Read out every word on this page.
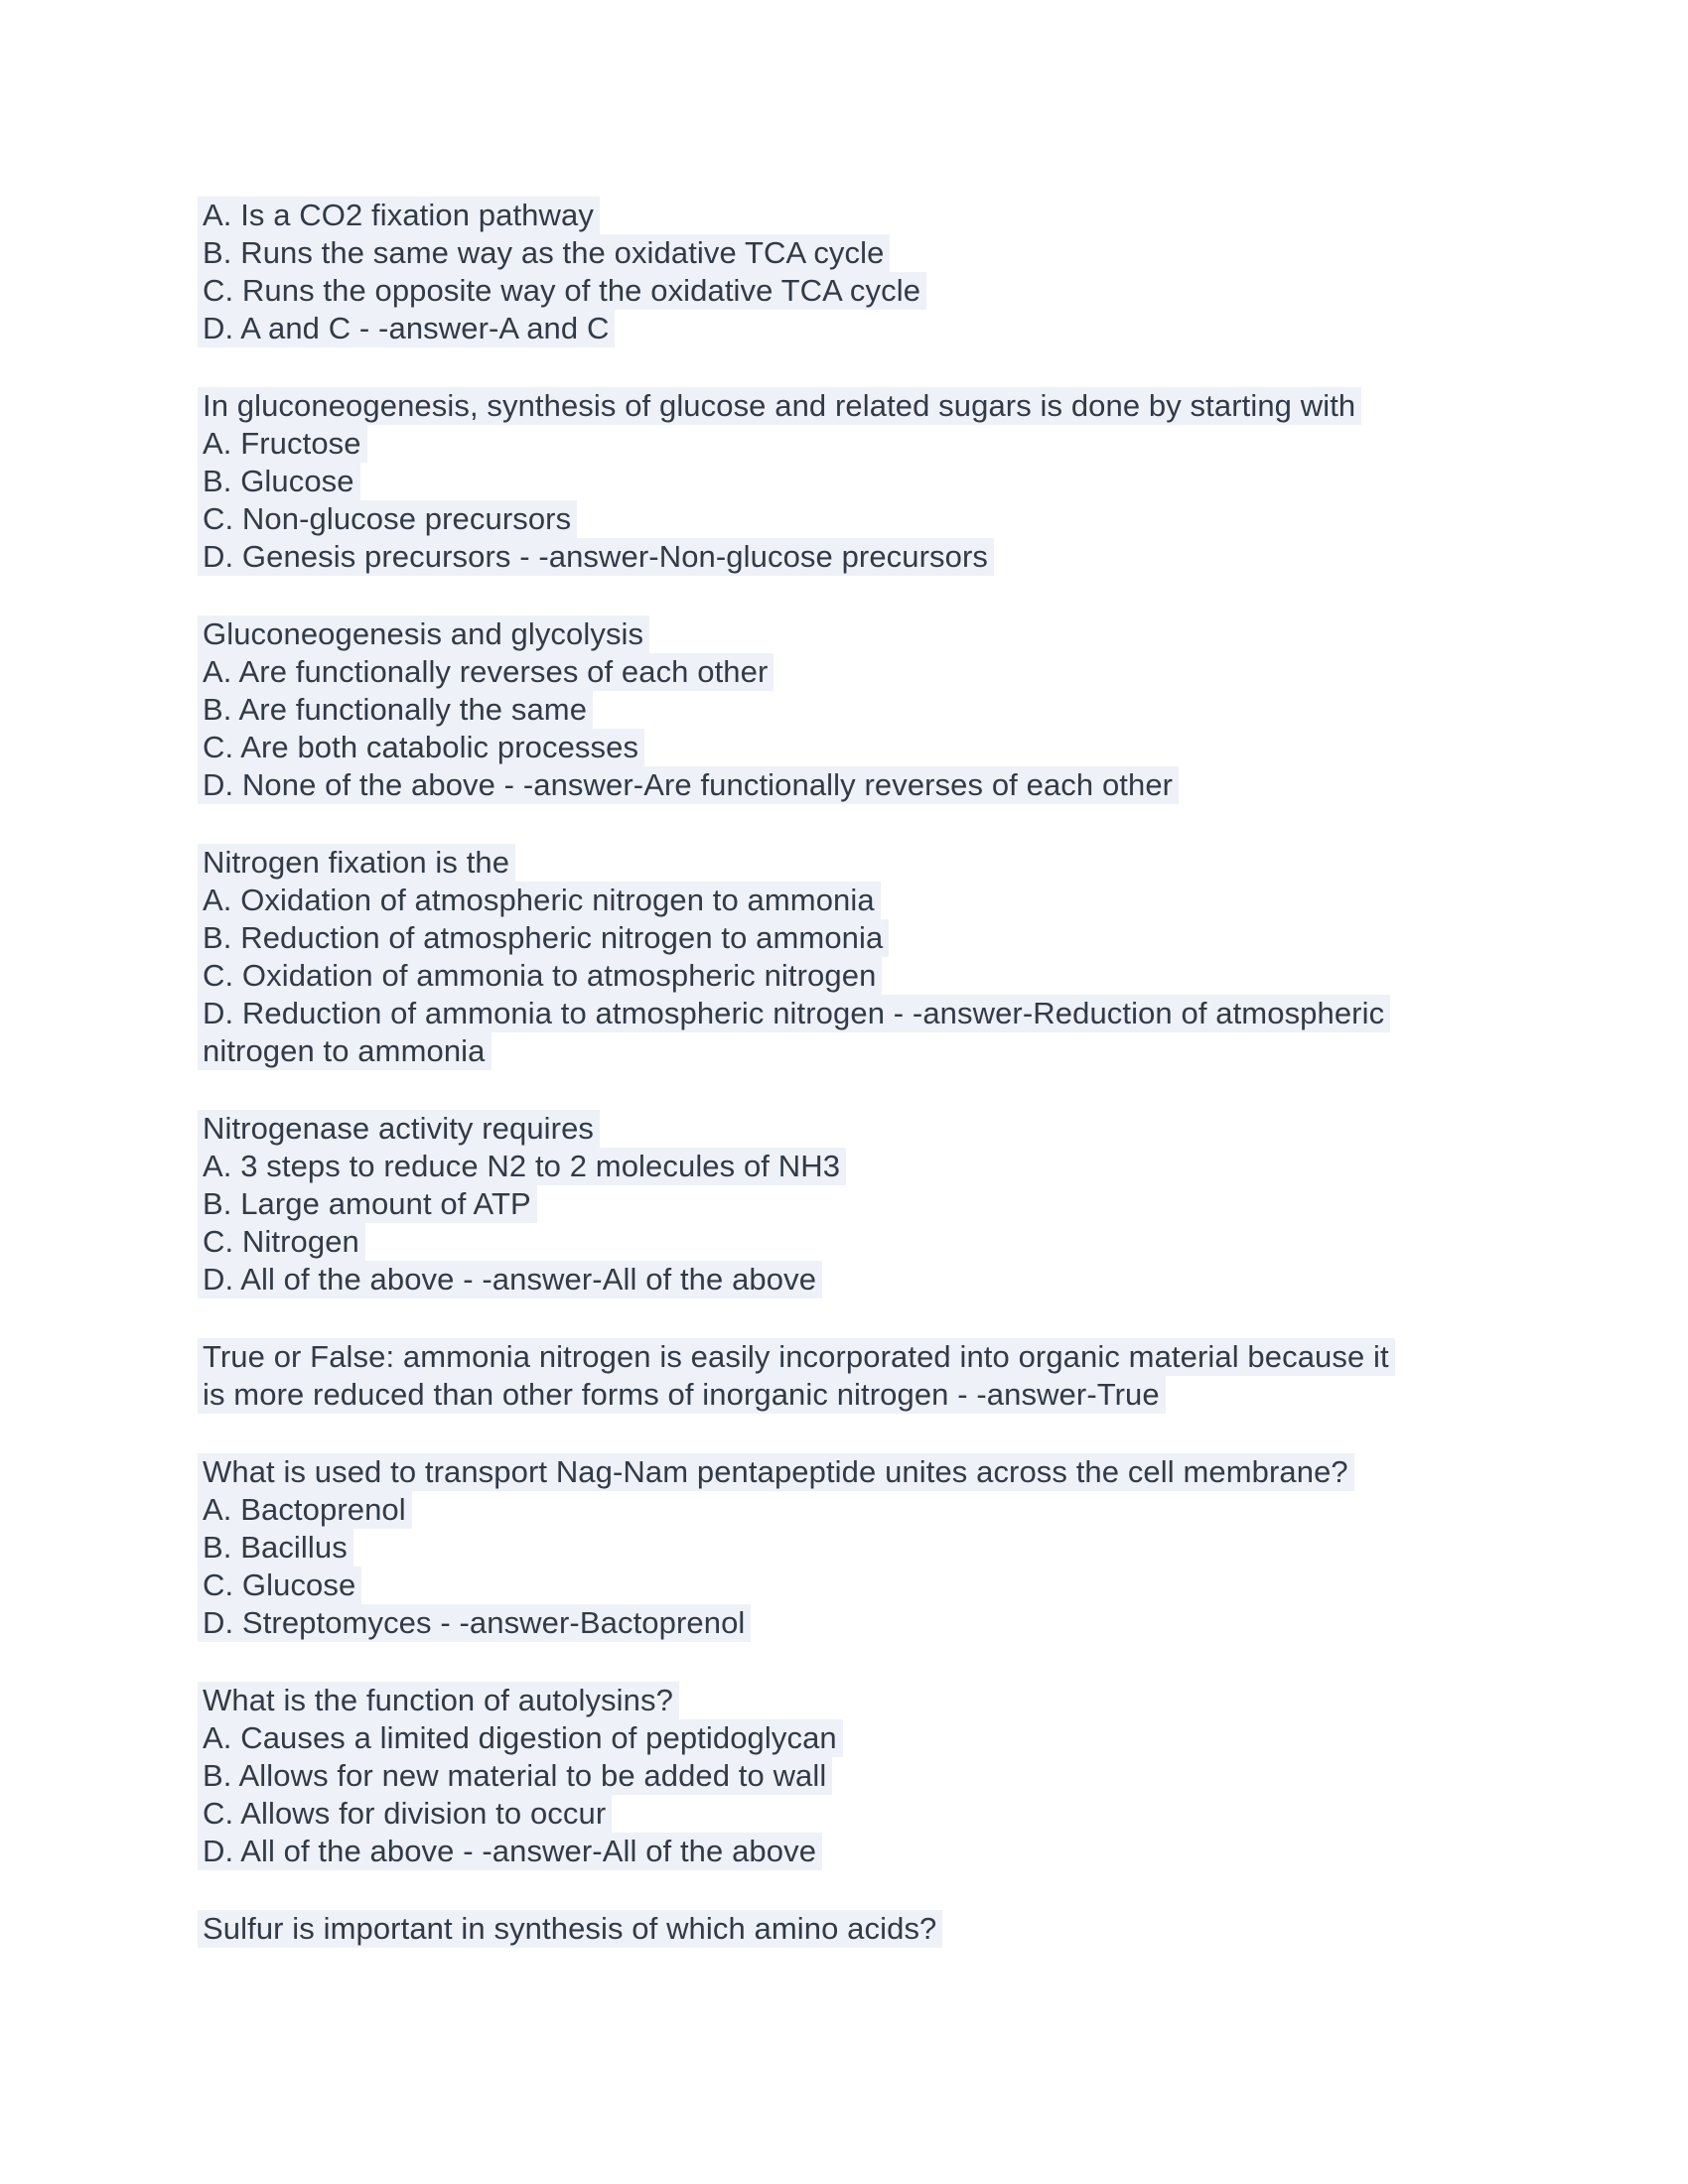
A. Is a CO2 fixation pathway
B. Runs the same way as the oxidative TCA cycle
C. Runs the opposite way of the oxidative TCA cycle
D. A and C - -answer-A and C
In gluconeogenesis, synthesis of glucose and related sugars is done by starting with
A. Fructose
B. Glucose
C. Non-glucose precursors
D. Genesis precursors - -answer-Non-glucose precursors
Gluconeogenesis and glycolysis
A. Are functionally reverses of each other
B. Are functionally the same
C. Are both catabolic processes
D. None of the above - -answer-Are functionally reverses of each other
Nitrogen fixation is the
A. Oxidation of atmospheric nitrogen to ammonia
B. Reduction of atmospheric nitrogen to ammonia
C. Oxidation of ammonia to atmospheric nitrogen
D. Reduction of ammonia to atmospheric nitrogen - -answer-Reduction of atmospheric
nitrogen to ammonia
Nitrogenase activity requires
A. 3 steps to reduce N2 to 2 molecules of NH3
B. Large amount of ATP
C. Nitrogen
D. All of the above - -answer-All of the above
True or False: ammonia nitrogen is easily incorporated into organic material because it
is more reduced than other forms of inorganic nitrogen - -answer-True
What is used to transport Nag-Nam pentapeptide unites across the cell membrane?
A. Bactoprenol
B. Bacillus
C. Glucose
D. Streptomyces - -answer-Bactoprenol
What is the function of autolysins?
A. Causes a limited digestion of peptidoglycan
B. Allows for new material to be added to wall
C. Allows for division to occur
D. All of the above - -answer-All of the above
Sulfur is important in synthesis of which amino acids?
